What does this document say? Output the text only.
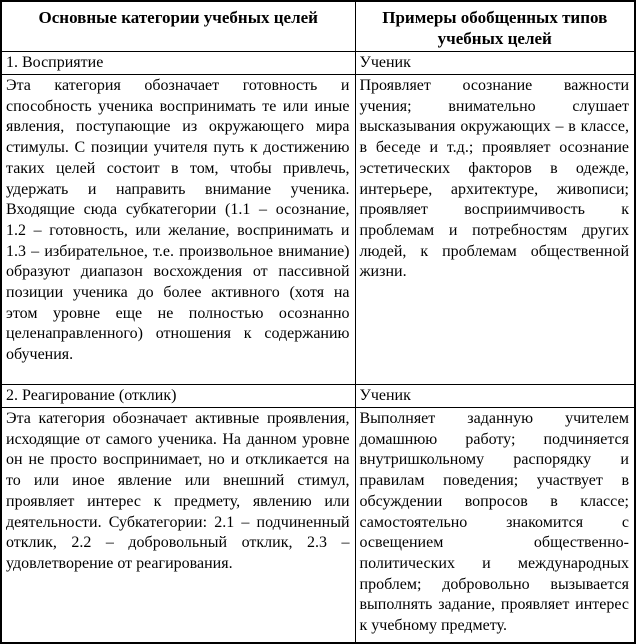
Основные категории учебных целей	Примеры обобщенных типов учебных целей
1. Восприятие	Ученик
Эта категория обозначает готовность и способность ученика воспринимать те или иные явления, поступающие из окружающего мира стимулы. С позиции учителя путь к достижению таких целей состоит в том, чтобы привлечь, удержать и направить внимание ученика. Входящие сюда субкатегории (1.1 – осознание, 1.2 – готовность, или желание, воспринимать и 1.3 – избирательное, т.е. произвольное внимание) образуют диапазон восхождения от пассивной позиции ученика до более активного (хотя на этом уровне еще не полностью осознанно целенаправленного) отношения к содержанию обучения.	Проявляет осознание важности учения; внимательно слушает высказывания окружающих – в классе, в беседе и т.д.; проявляет осознание эстетических факторов в одежде, интерьере, архитектуре, живописи; проявляет восприимчивость к проблемам и потребностям других людей, к проблемам общественной жизни.
2. Реагирование (отклик)	Ученик
Эта категория обозначает активные проявления, исходящие от самого ученика. На данном уровне он не просто воспринимает, но и откликается на то или иное явление или внешний стимул, проявляет интерес к предмету, явлению или деятельности. Субкатегории: 2.1 – подчиненный отклик, 2.2 – добровольный отклик, 2.3 – удовлетворение от реагирования.	Выполняет заданную учителем домашнюю работу; подчиняется внутришкольному распорядку и правилам поведения; участвует в обсуждении вопросов в классе; самостоятельно знакомится с освещением общественно-политических и международных проблем; добровольно вызывается выполнять задание, проявляет интерес к учебному предмету.
